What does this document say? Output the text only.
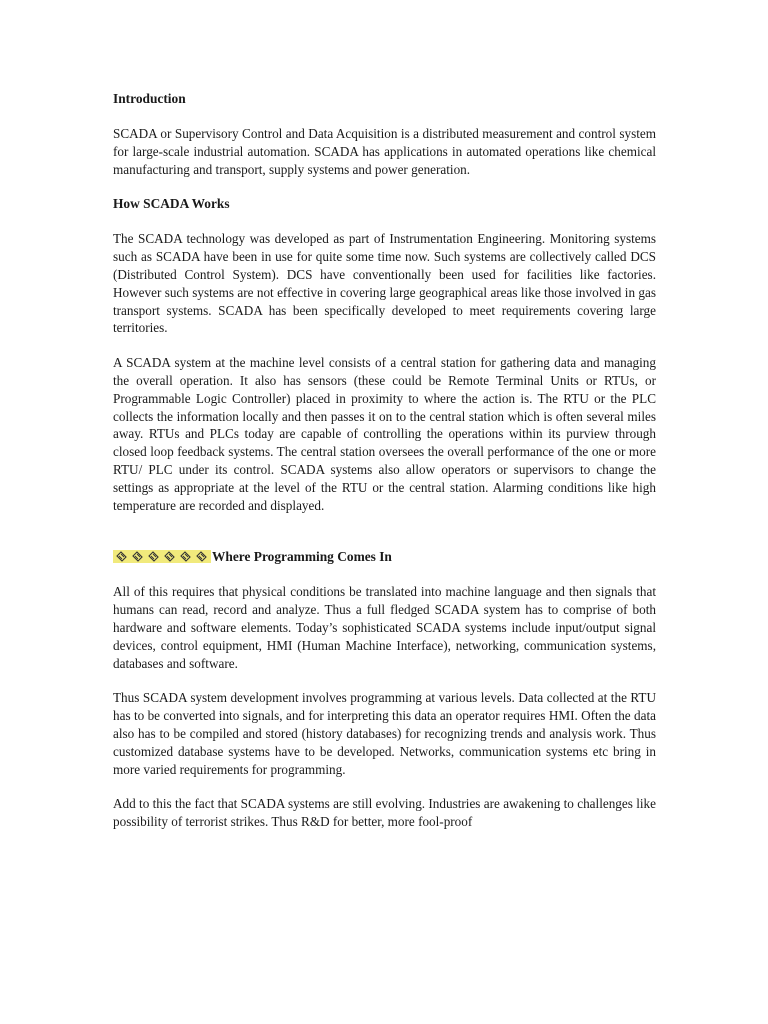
Introduction

SCADA or Supervisory Control and Data Acquisition is a distributed measurement and control system for large-scale industrial automation. SCADA has applications in automated operations like chemical manufacturing and transport, supply systems and power generation.

How SCADA Works

The SCADA technology was developed as part of Instrumentation Engineering. Monitoring systems such as SCADA have been in use for quite some time now. Such systems are collectively called DCS (Distributed Control System). DCS have conventionally been used for facilities like factories. However such systems are not effective in covering large geographical areas like those involved in gas transport systems. SCADA has been specifically developed to meet requirements covering large territories.

A SCADA system at the machine level consists of a central station for gathering data and managing the overall operation. It also has sensors (these could be Remote Terminal Units or RTUs, or Programmable Logic Controller) placed in proximity to where the action is. The RTU or the PLC collects the information locally and then passes it on to the central station which is often several miles away. RTUs and PLCs today are capable of controlling the operations within its purview through closed loop feedback systems. The central station oversees the overall performance of the one or more RTU/ PLC under its control. SCADA systems also allow operators or supervisors to change the settings as appropriate at the level of the RTU or the central station. Alarming conditions like high temperature are recorded and displayed.

Where Programming Comes In

All of this requires that physical conditions be translated into machine language and then signals that humans can read, record and analyze. Thus a full fledged SCADA system has to comprise of both hardware and software elements. Today’s sophisticated SCADA systems include input/output signal devices, control equipment, HMI (Human Machine Interface), networking, communication systems, databases and software.

Thus SCADA system development involves programming at various levels. Data collected at the RTU has to be converted into signals, and for interpreting this data an operator requires HMI. Often the data also has to be compiled and stored (history databases) for recognizing trends and analysis work. Thus customized database systems have to be developed. Networks, communication systems etc bring in more varied requirements for programming.

Add to this the fact that SCADA systems are still evolving. Industries are awakening to challenges like possibility of terrorist strikes. Thus R&D for better, more fool-proof
